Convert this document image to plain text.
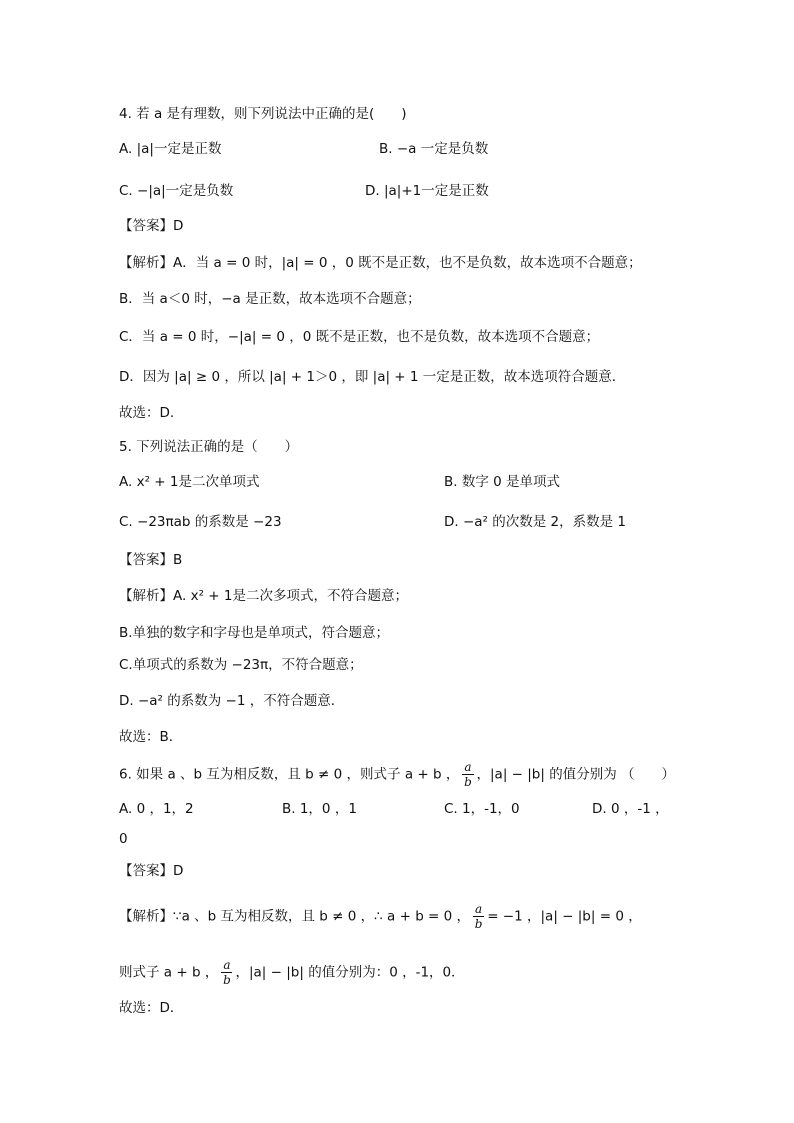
4. 若 a 是有理数，则下列说法中正确的是(　　)
A. |a|一定是正数	B. −a 一定是负数
C. −|a|一定是负数	D. |a|+1一定是正数
【答案】D
【解析】A．当 a = 0 时，|a| = 0 ，0 既不是正数，也不是负数，故本选项不合题意；
B．当 a＜0 时，−a 是正数，故本选项不合题意；
C．当 a = 0 时，−|a| = 0 ，0 既不是正数，也不是负数，故本选项不合题意；
D．因为 |a| ≥ 0 ，所以 |a| + 1＞0 ，即 |a| + 1 一定是正数，故本选项符合题意．
故选：D．
5. 下列说法正确的是（　　）
A. x² + 1是二次单项式	B. 数字 0 是单项式
C. −23πab 的系数是 −23	D. −a² 的次数是 2，系数是 1
【答案】B
【解析】A. x² + 1是二次多项式，不符合题意；
B.单独的数字和字母也是单项式，符合题意；
C.单项式的系数为 −23π，不符合题意；
D. −a² 的系数为 −1 ，不符合题意．
故选：B．
6. 如果 a 、b 互为相反数，且 b ≠ 0 ，则式子 a + b ， $\frac{a}{b}$ ，|a| − |b| 的值分别为 （　　）
A. 0 ，1，2	B. 1，0 ，1	C. 1，-1，0	D. 0 ，-1 ，
0
【答案】D
【解析】∵a 、b 互为相反数，且 b ≠ 0 ，∴ a + b = 0 ， $\frac{a}{b} = -1$ ，|a| − |b| = 0 ，
则式子 a + b ， $\frac{a}{b}$ ，|a| − |b| 的值分别为：0 ，-1，0．
故选：D．
